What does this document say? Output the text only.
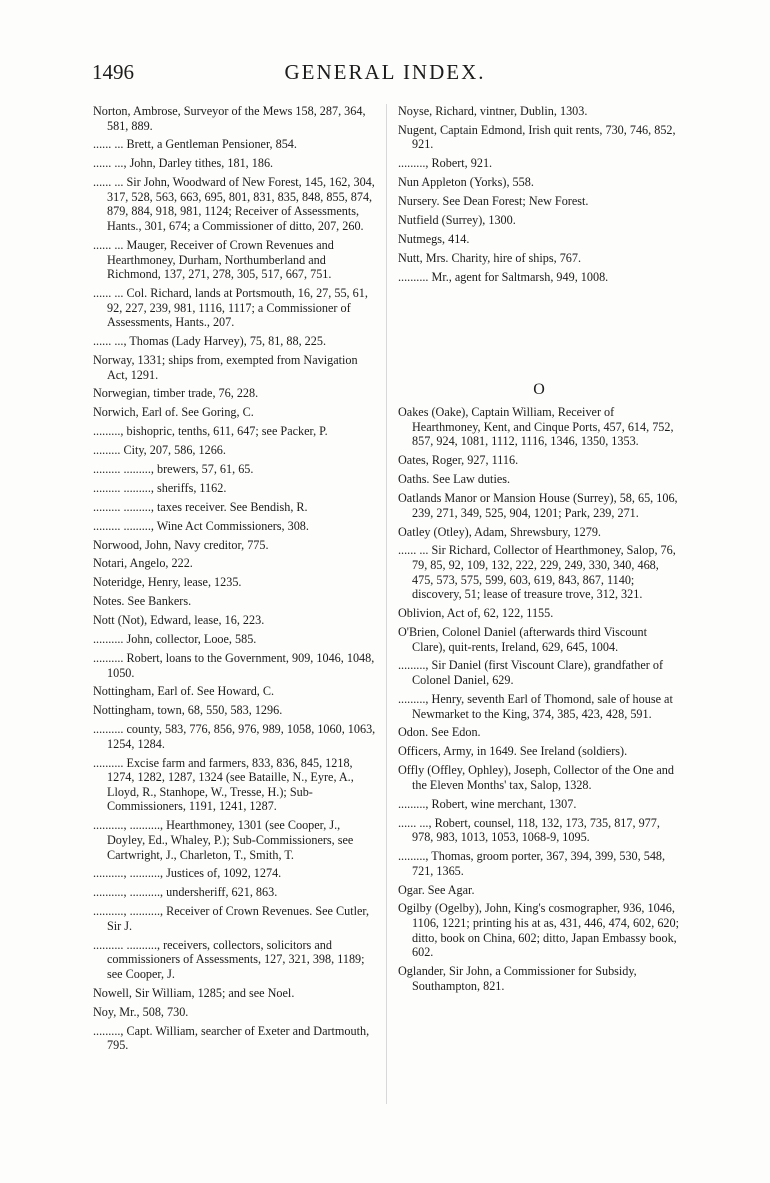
1496	GENERAL INDEX.
Norton, Ambrose, Surveyor of the Mews 158, 287, 364, 581, 889.
...... ... Brett, a Gentleman Pensioner, 854.
...... ..., John, Darley tithes, 181, 186.
...... ... Sir John, Woodward of New Forest, 145, 162, 304, 317, 528, 563, 663, 695, 801, 831, 835, 848, 855, 874, 879, 884, 918, 981, 1124; Receiver of Assessments, Hants., 301, 674; a Commissioner of ditto, 207, 260.
...... ... Mauger, Receiver of Crown Revenues and Hearthmoney, Durham, Northumberland and Richmond, 137, 271, 278, 305, 517, 667, 751.
...... ... Col. Richard, lands at Portsmouth, 16, 27, 55, 61, 92, 227, 239, 981, 1116, 1117; a Commissioner of Assessments, Hants., 207.
...... ..., Thomas (Lady Harvey), 75, 81, 88, 225.
Norway, 1331; ships from, exempted from Navigation Act, 1291.
Norwegian, timber trade, 76, 228.
Norwich, Earl of. See Goring, C.
........., bishopric, tenths, 611, 647; see Packer, P.
......... City, 207, 586, 1266.
......... ........., brewers, 57, 61, 65.
......... ........., sheriffs, 1162.
......... ........., taxes receiver. See Bendish, R.
......... ........., Wine Act Commissioners, 308.
Norwood, John, Navy creditor, 775.
Notari, Angelo, 222.
Noteridge, Henry, lease, 1235.
Notes. See Bankers.
Nott (Not), Edward, lease, 16, 223.
.......... John, collector, Looe, 585.
.......... Robert, loans to the Government, 909, 1046, 1048, 1050.
Nottingham, Earl of. See Howard, C.
Nottingham, town, 68, 550, 583, 1296.
.......... county, 583, 776, 856, 976, 989, 1058, 1060, 1063, 1254, 1284.
.......... Excise farm and farmers, 833, 836, 845, 1218, 1274, 1282, 1287, 1324 (see Bataille, N., Eyre, A., Lloyd, R., Stanhope, W., Tresse, H.); Sub-Commissioners, 1191, 1241, 1287.
.........., .........., Hearthmoney, 1301 (see Cooper, J., Doyley, Ed., Whaley, P.); Sub-Commissioners, see Cartwright, J., Charleton, T., Smith, T.
.........., .........., Justices of, 1092, 1274.
.........., .........., undersheriff, 621, 863.
.........., .........., Receiver of Crown Revenues. See Cutler, Sir J.
.......... .........., receivers, collectors, solicitors and commissioners of Assessments, 127, 321, 398, 1189; see Cooper, J.
Nowell, Sir William, 1285; and see Noel.
Noy, Mr., 508, 730.
........., Capt. William, searcher of Exeter and Dartmouth, 795.
Noyse, Richard, vintner, Dublin, 1303.
Nugent, Captain Edmond, Irish quit rents, 730, 746, 852, 921.
........., Robert, 921.
Nun Appleton (Yorks), 558.
Nursery. See Dean Forest; New Forest.
Nutfield (Surrey), 1300.
Nutmegs, 414.
Nutt, Mrs. Charity, hire of ships, 767.
.......... Mr., agent for Saltmarsh, 949, 1008.
O
Oakes (Oake), Captain William, Receiver of Hearthmoney, Kent, and Cinque Ports, 457, 614, 752, 857, 924, 1081, 1112, 1116, 1346, 1350, 1353.
Oates, Roger, 927, 1116.
Oaths. See Law duties.
Oatlands Manor or Mansion House (Surrey), 58, 65, 106, 239, 271, 349, 525, 904, 1201; Park, 239, 271.
Oatley (Otley), Adam, Shrewsbury, 1279.
...... ... Sir Richard, Collector of Hearthmoney, Salop, 76, 79, 85, 92, 109, 132, 222, 229, 249, 330, 340, 468, 475, 573, 575, 599, 603, 619, 843, 867, 1140; discovery, 51; lease of treasure trove, 312, 321.
Oblivion, Act of, 62, 122, 1155.
O'Brien, Colonel Daniel (afterwards third Viscount Clare), quit-rents, Ireland, 629, 645, 1004.
........., Sir Daniel (first Viscount Clare), grandfather of Colonel Daniel, 629.
........., Henry, seventh Earl of Thomond, sale of house at Newmarket to the King, 374, 385, 423, 428, 591.
Odon. See Edon.
Officers, Army, in 1649. See Ireland (soldiers).
Offly (Offley, Ophley), Joseph, Collector of the One and the Eleven Months' tax, Salop, 1328.
........., Robert, wine merchant, 1307.
...... ..., Robert, counsel, 118, 132, 173, 735, 817, 977, 978, 983, 1013, 1053, 1068-9, 1095.
........., Thomas, groom porter, 367, 394, 399, 530, 548, 721, 1365.
Ogar. See Agar.
Ogilby (Ogelby), John, King's cosmographer, 936, 1046, 1106, 1221; printing his at as, 431, 446, 474, 602, 620; ditto, book on China, 602; ditto, Japan Embassy book, 602.
Oglander, Sir John, a Commissioner for Subsidy, Southampton, 821.
